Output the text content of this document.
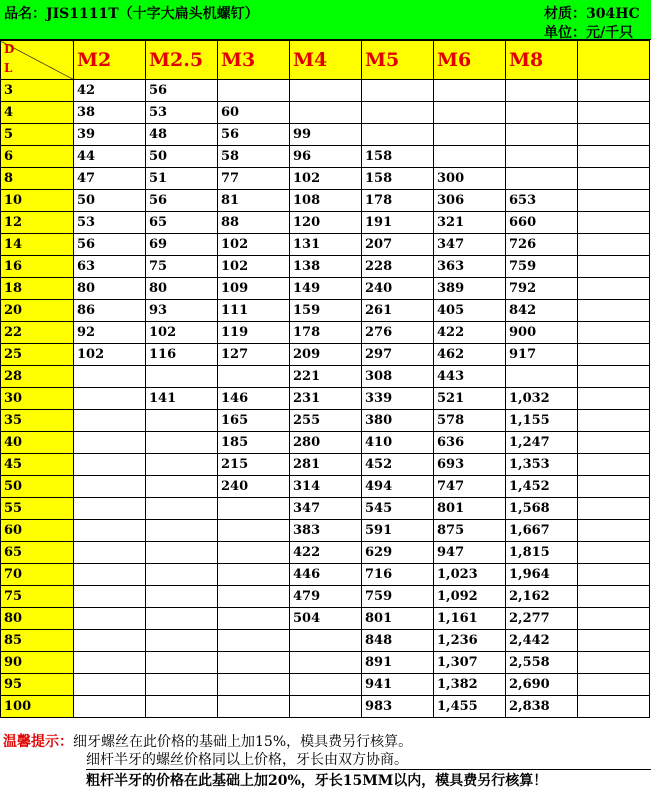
品名：JIS1111T（十字大扁头机螺钉）	材质：304HC
单位：元/千只
D
L	M2	M2.5	M3	M4	M5	M6	M8	
3	42	56						
4	38	53	60					
5	39	48	56	99				
6	44	50	58	96	158			
8	47	51	77	102	158	300		
10	50	56	81	108	178	306	653	
12	53	65	88	120	191	321	660	
14	56	69	102	131	207	347	726	
16	63	75	102	138	228	363	759	
18	80	80	109	149	240	389	792	
20	86	93	111	159	261	405	842	
22	92	102	119	178	276	422	900	
25	102	116	127	209	297	462	917	
28				221	308	443		
30		141	146	231	339	521	1,032	
35			165	255	380	578	1,155	
40			185	280	410	636	1,247	
45			215	281	452	693	1,353	
50			240	314	494	747	1,452	
55				347	545	801	1,568	
60				383	591	875	1,667	
65				422	629	947	1,815	
70				446	716	1,023	1,964	
75				479	759	1,092	2,162	
80				504	801	1,161	2,277	
85					848	1,236	2,442	
90					891	1,307	2,558	
95					941	1,382	2,690	
100					983	1,455	2,838	
温馨提示：细牙螺丝在此价格的基础上加15%，模具费另行核算。
细杆半牙的螺丝价格同以上价格，牙长由双方协商。
粗杆半牙的价格在此基础上加20%，牙长15MM以内，模具费另行核算！
